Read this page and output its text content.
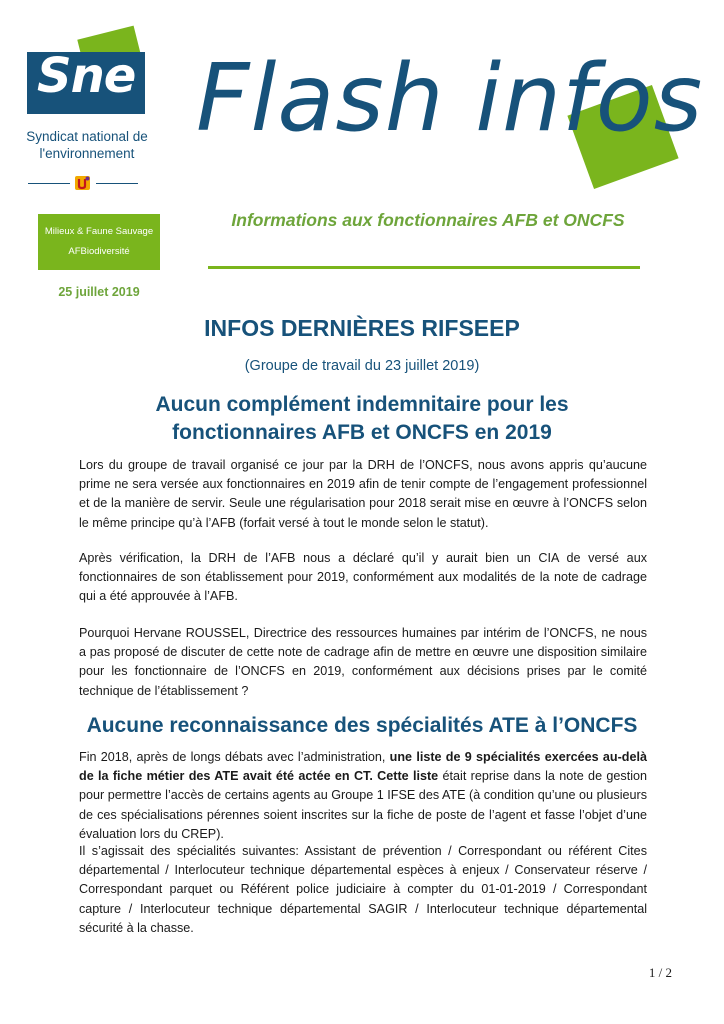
Sne
Syndicat national de
l'environnement
Flash infos
Informations aux fonctionnaires AFB et ONCFS
Milieux & Faune Sauvage
AFBiodiversité
25 juillet 2019
INFOS DERNIÈRES RIFSEEP
(Groupe de travail du 23 juillet 2019)
Aucun complément indemnitaire pour les
fonctionnaires AFB et ONCFS en 2019

Lors du groupe de travail organisé ce jour par la DRH de l’ONCFS, nous avons appris qu’aucune prime ne sera versée aux fonctionnaires en 2019 afin de tenir compte de l’engagement professionnel et de la manière de servir. Seule une régularisation pour 2018 serait mise en œuvre à l’ONCFS selon le même principe qu’à l’AFB (forfait versé à tout le monde selon le statut).

Après vérification, la DRH de l’AFB nous a déclaré qu’il y aurait bien un CIA de versé aux fonctionnaires de son établissement pour 2019, conformément aux modalités de la note de cadrage qui a été approuvée à l’AFB.

Pourquoi Hervane ROUSSEL, Directrice des ressources humaines par intérim de l’ONCFS, ne nous a pas proposé de discuter de cette note de cadrage afin de mettre en œuvre une disposition similaire pour les fonctionnaire de l’ONCFS en 2019, conformément aux décisions prises par le comité technique de l’établissement ?

Aucune reconnaissance des spécialités ATE à l’ONCFS

Fin 2018, après de longs débats avec l’administration, une liste de 9 spécialités exercées au-delà de la fiche métier des ATE avait été actée en CT. Cette liste était reprise dans la note de gestion pour permettre l’accès de certains agents au Groupe 1 IFSE des ATE (à condition qu’une ou plusieurs de ces spécialisations pérennes soient inscrites sur la fiche de poste de l’agent et fasse l’objet d’une évaluation lors du CREP).

Il s’agissait des spécialités suivantes: Assistant de prévention / Correspondant ou référent Cites départemental / Interlocuteur technique départemental espèces à enjeux / Conservateur réserve / Correspondant parquet ou Référent police judiciaire à compter du 01-01-2019 / Correspondant capture / Interlocuteur technique départemental SAGIR / Interlocuteur technique départemental sécurité à la chasse.

1 / 2
